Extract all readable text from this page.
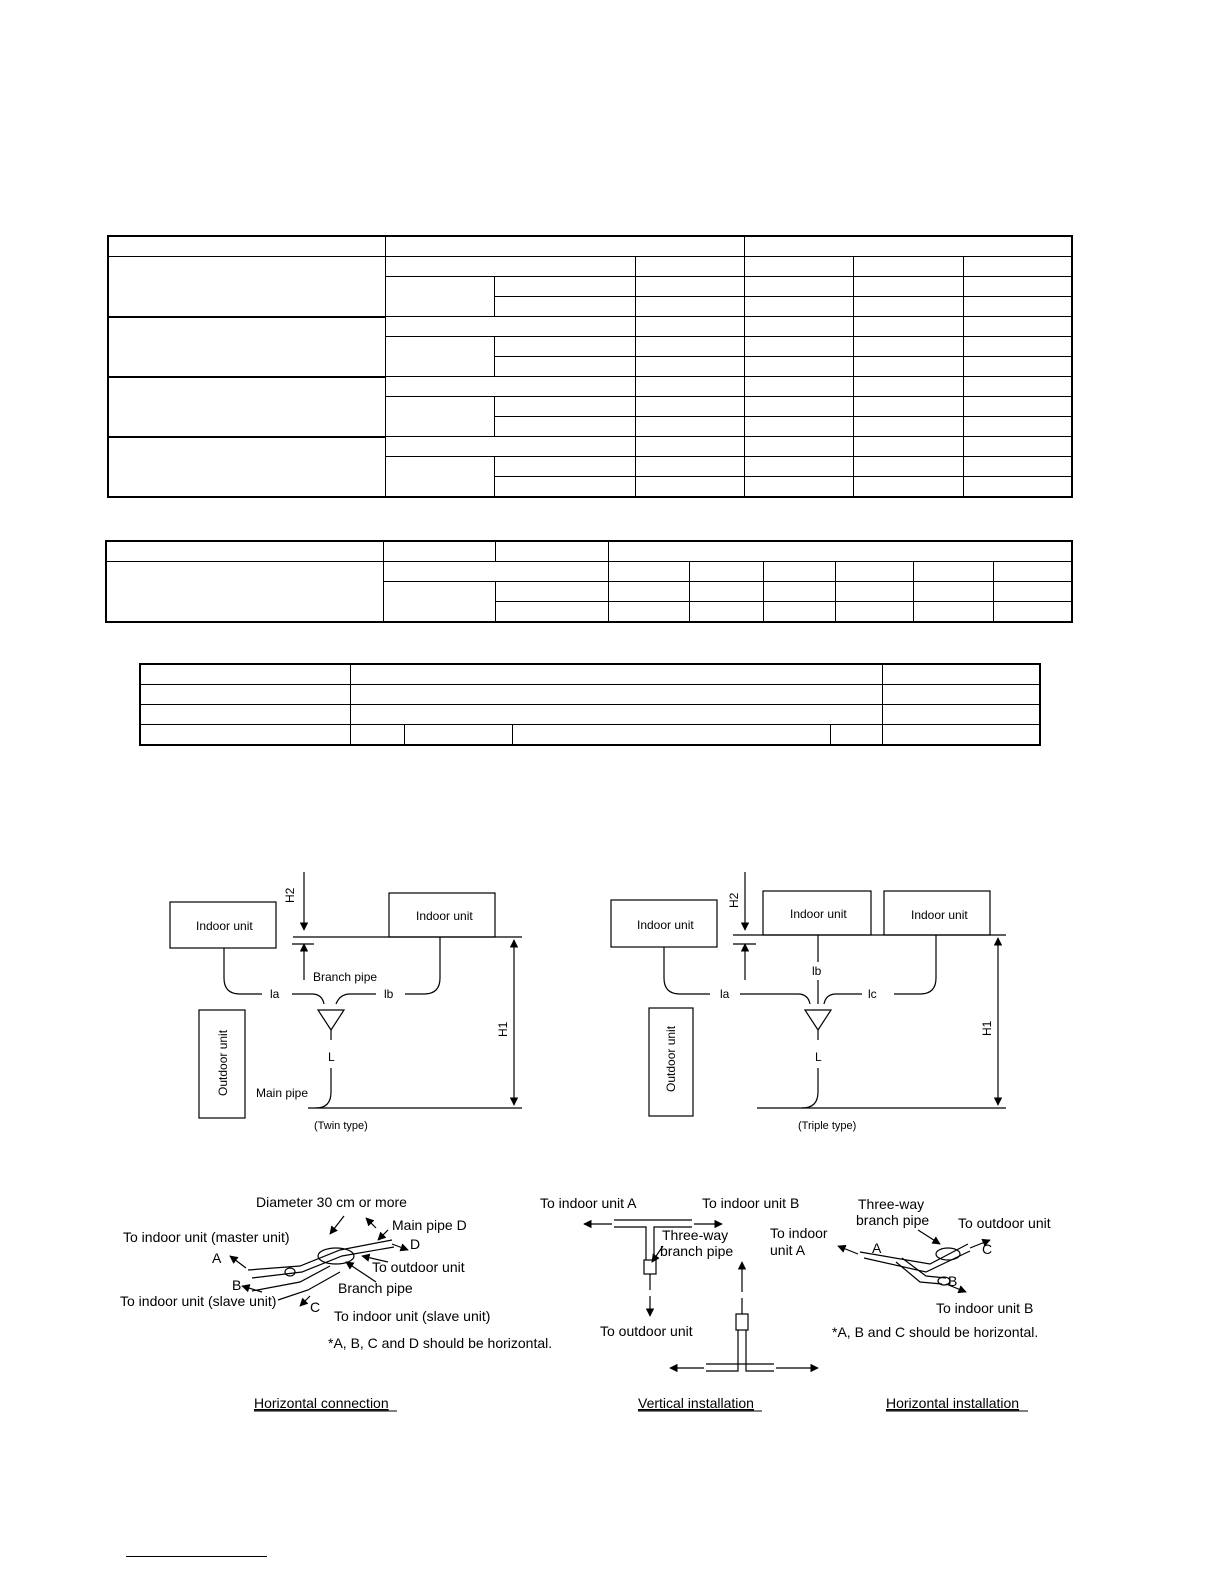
Indoor unit
Indoor unit
Outdoor unit
Branch pipe
Main pipe
la	lb
L
H1
H2
(Twin type)
Indoor unit
Indoor unit	Indoor unit
Outdoor unit
la
lb
lc
L
H1
H2
(Triple type)
Diameter 30 cm or more
Main pipe D
To indoor unit (master unit)
A
D
To outdoor unit
B	Branch pipe
To indoor unit (slave unit) C
To indoor unit (slave unit)
*A, B, C and D should be horizontal.
Horizontal connection
To indoor unit A	To indoor unit B
Three-way
branch pipe
To outdoor unit
Vertical installation
To indoor
unit A
Three-way
branch pipe To outdoor unit
A	C
B
To indoor unit B
*A, B and C should be horizontal.
Horizontal installation
